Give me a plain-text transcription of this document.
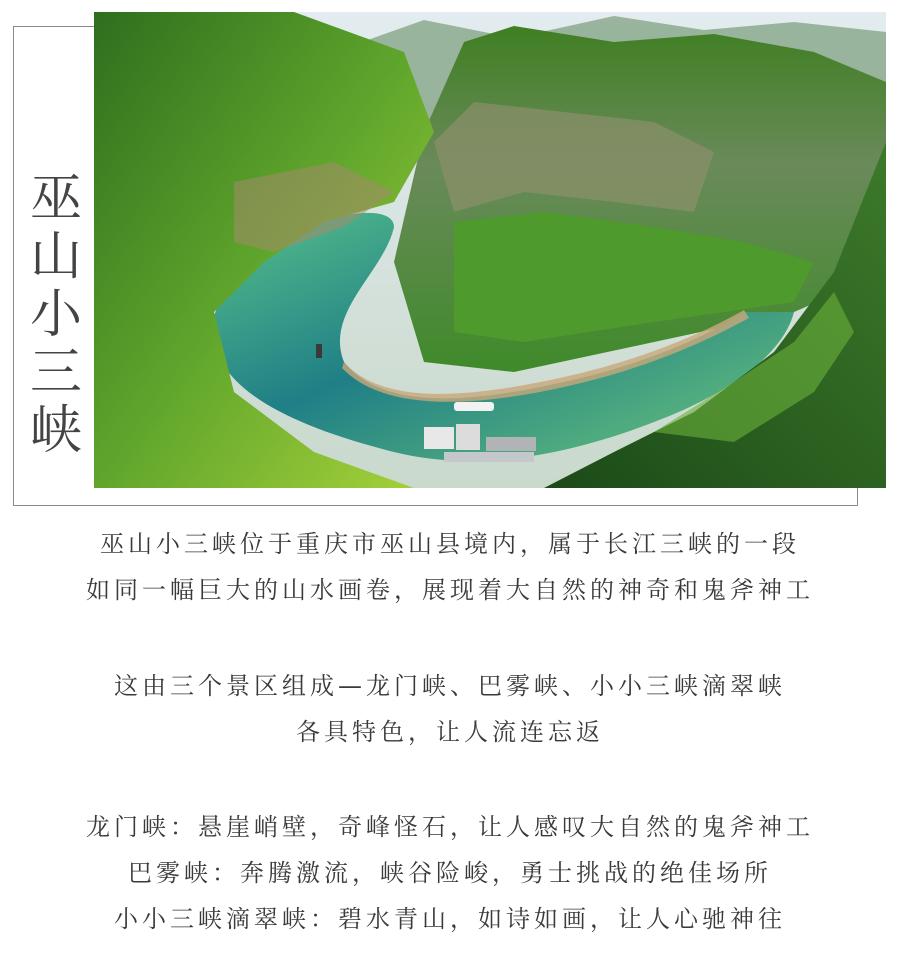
巫
山
小
三
峡

巫山小三峡位于重庆市巫山县境内，属于长江三峡的一段

如同一幅巨大的山水画卷，展现着大自然的神奇和鬼斧神工

这由三个景区组成—龙门峡、巴雾峡、小小三峡滴翠峡

各具特色，让人流连忘返

龙门峡：悬崖峭壁，奇峰怪石，让人感叹大自然的鬼斧神工

巴雾峡：奔腾激流，峡谷险峻，勇士挑战的绝佳场所

小小三峡滴翠峡：碧水青山，如诗如画，让人心驰神往
